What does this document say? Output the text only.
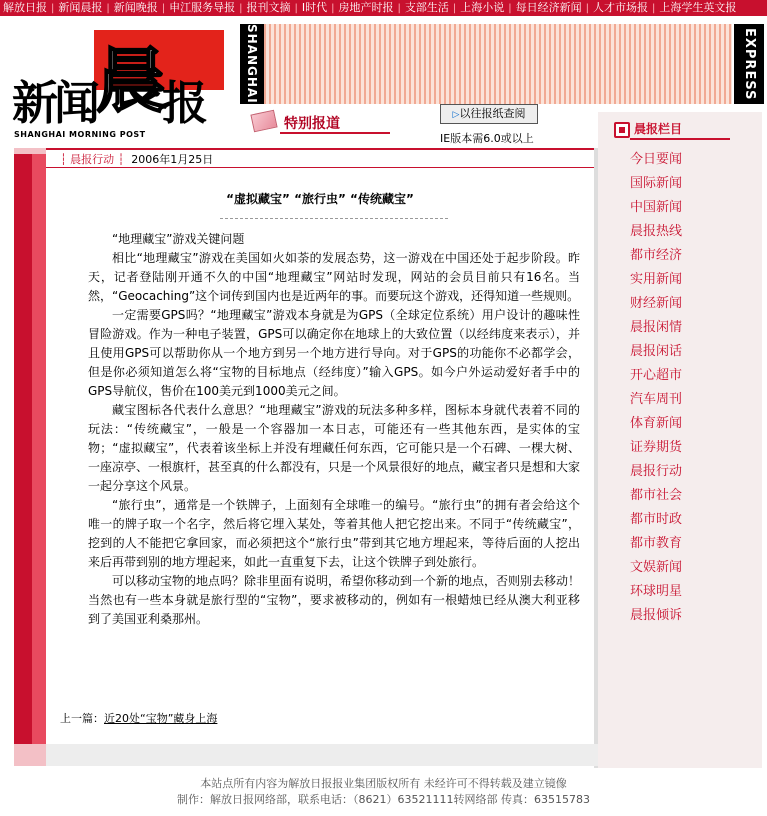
解放日报 | 新闻晨报 | 新闻晚报 | 申江服务导报 | 报刊文摘 | I时代 | 房地产时报 | 支部生活 | 上海小说 | 每日经济新闻 | 人才市场报 | 上海学生英文报
新闻晨报
SHANGHAI MORNING POST
SHANGHAI	EXPRESS
特别报道
▷以往报纸查阅
IE版本需6.0或以上
┆ 晨报行动 ┆ 2006年1月25日
“虚拟藏宝” “旅行虫” “传统藏宝”

“地理藏宝”游戏关键问题

相比“地理藏宝”游戏在美国如火如荼的发展态势，这一游戏在中国还处于起步阶段。昨天，记者登陆刚开通不久的中国“地理藏宝”网站时发现，网站的会员目前只有16名。当然，“Geocaching”这个词传到国内也是近两年的事。而要玩这个游戏，还得知道一些规则。

一定需要GPS吗？“地理藏宝”游戏本身就是为GPS（全球定位系统）用户设计的趣味性冒险游戏。作为一种电子装置，GPS可以确定你在地球上的大致位置（以经纬度来表示），并且使用GPS可以帮助你从一个地方到另一个地方进行导向。对于GPS的功能你不必都学会，但是你必须知道怎么将“宝物的目标地点（经纬度）”输入GPS。如今户外运动爱好者手中的GPS导航仪，售价在100美元到1000美元之间。

藏宝图标各代表什么意思？“地理藏宝”游戏的玩法多种多样，图标本身就代表着不同的玩法：“传统藏宝”，一般是一个容器加一本日志，可能还有一些其他东西，是实体的宝物；“虚拟藏宝”，代表着该坐标上并没有埋藏任何东西，它可能只是一个石碑、一棵大树、一座凉亭、一根旗杆，甚至真的什么都没有，只是一个风景很好的地点，藏宝者只是想和大家一起分享这个风景。

“旅行虫”，通常是一个铁牌子，上面刻有全球唯一的编号。“旅行虫”的拥有者会给这个唯一的牌子取一个名字，然后将它埋入某处，等着其他人把它挖出来。不同于“传统藏宝”，挖到的人不能把它拿回家，而必须把这个“旅行虫”带到其它地方埋起来，等待后面的人挖出来后再带到别的地方埋起来，如此一直重复下去，让这个铁牌子到处旅行。

可以移动宝物的地点吗？除非里面有说明，希望你移动到一个新的地点，否则别去移动！当然也有一些本身就是旅行型的“宝物”，要求被移动的，例如有一根蜡烛已经从澳大利亚移到了美国亚利桑那州。

上一篇：近20处“宝物”藏身上海
晨报栏目
今日要闻
国际新闻
中国新闻
晨报热线
都市经济
实用新闻
财经新闻
晨报闲情
晨报闲话
开心超市
汽车周刊
体育新闻
证券期货
晨报行动
都市社会
都市时政
都市教育
文娱新闻
环球明星
晨报倾诉
本站点所有内容为解放日报报业集团版权所有 未经许可不得转载及建立镜像
制作：解放日报网络部，联系电话：（8621）63521111转网络部 传真：63515783
